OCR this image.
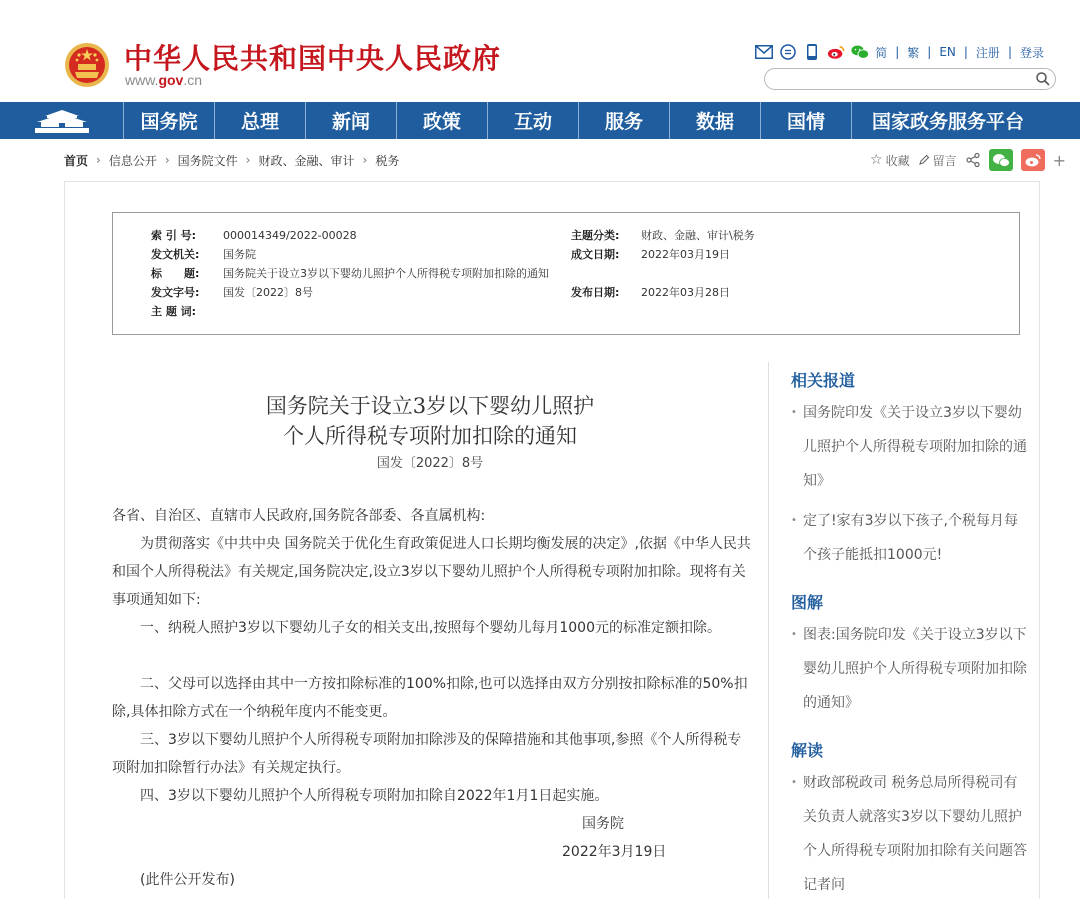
中华人民共和国中央人民政府
www.gov.cn
简 | 繁 | EN | 注册 | 登录
国务院	总理	新闻	政策	互动	服务	数据	国情	国家政务服务平台
首页 › 信息公开 › 国务院文件 › 财政、金融、审计 › 税务	☆ 收藏 留言	+
索 引 号:	000014349/2022-00028	主题分类:	财政、金融、审计\税务
发文机关:	国务院	成文日期:	2022年03月19日
标　　题:	国务院关于设立3岁以下婴幼儿照护个人所得税专项附加扣除的通知
发文字号:	国发〔2022〕8号	发布日期:	2022年03月28日
主 题 词:
国务院关于设立3岁以下婴幼儿照护
个人所得税专项附加扣除的通知
国发〔2022〕8号
各省、自治区、直辖市人民政府,国务院各部委、各直属机构:
为贯彻落实《中共中央 国务院关于优化生育政策促进人口长期均衡发展的决定》,依据《中华人民共和国个人所得税法》有关规定,国务院决定,设立3岁以下婴幼儿照护个人所得税专项附加扣除。现将有关事项通知如下:
一、纳税人照护3岁以下婴幼儿子女的相关支出,按照每个婴幼儿每月1000元的标准定额扣除。
二、父母可以选择由其中一方按扣除标准的100%扣除,也可以选择由双方分别按扣除标准的50%扣除,具体扣除方式在一个纳税年度内不能变更。
三、3岁以下婴幼儿照护个人所得税专项附加扣除涉及的保障措施和其他事项,参照《个人所得税专项附加扣除暂行办法》有关规定执行。
四、3岁以下婴幼儿照护个人所得税专项附加扣除自2022年1月1日起实施。
国务院
2022年3月19日
(此件公开发布)
相关报道
• 国务院印发《关于设立3岁以下婴幼儿照护个人所得税专项附加扣除的通知》
• 定了!家有3岁以下孩子,个税每月每个孩子能抵扣1000元!
图解
• 图表:国务院印发《关于设立3岁以下婴幼儿照护个人所得税专项附加扣除的通知》
解读
• 财政部税政司 税务总局所得税司有关负责人就落实3岁以下婴幼儿照护个人所得税专项附加扣除有关问题答记者问
